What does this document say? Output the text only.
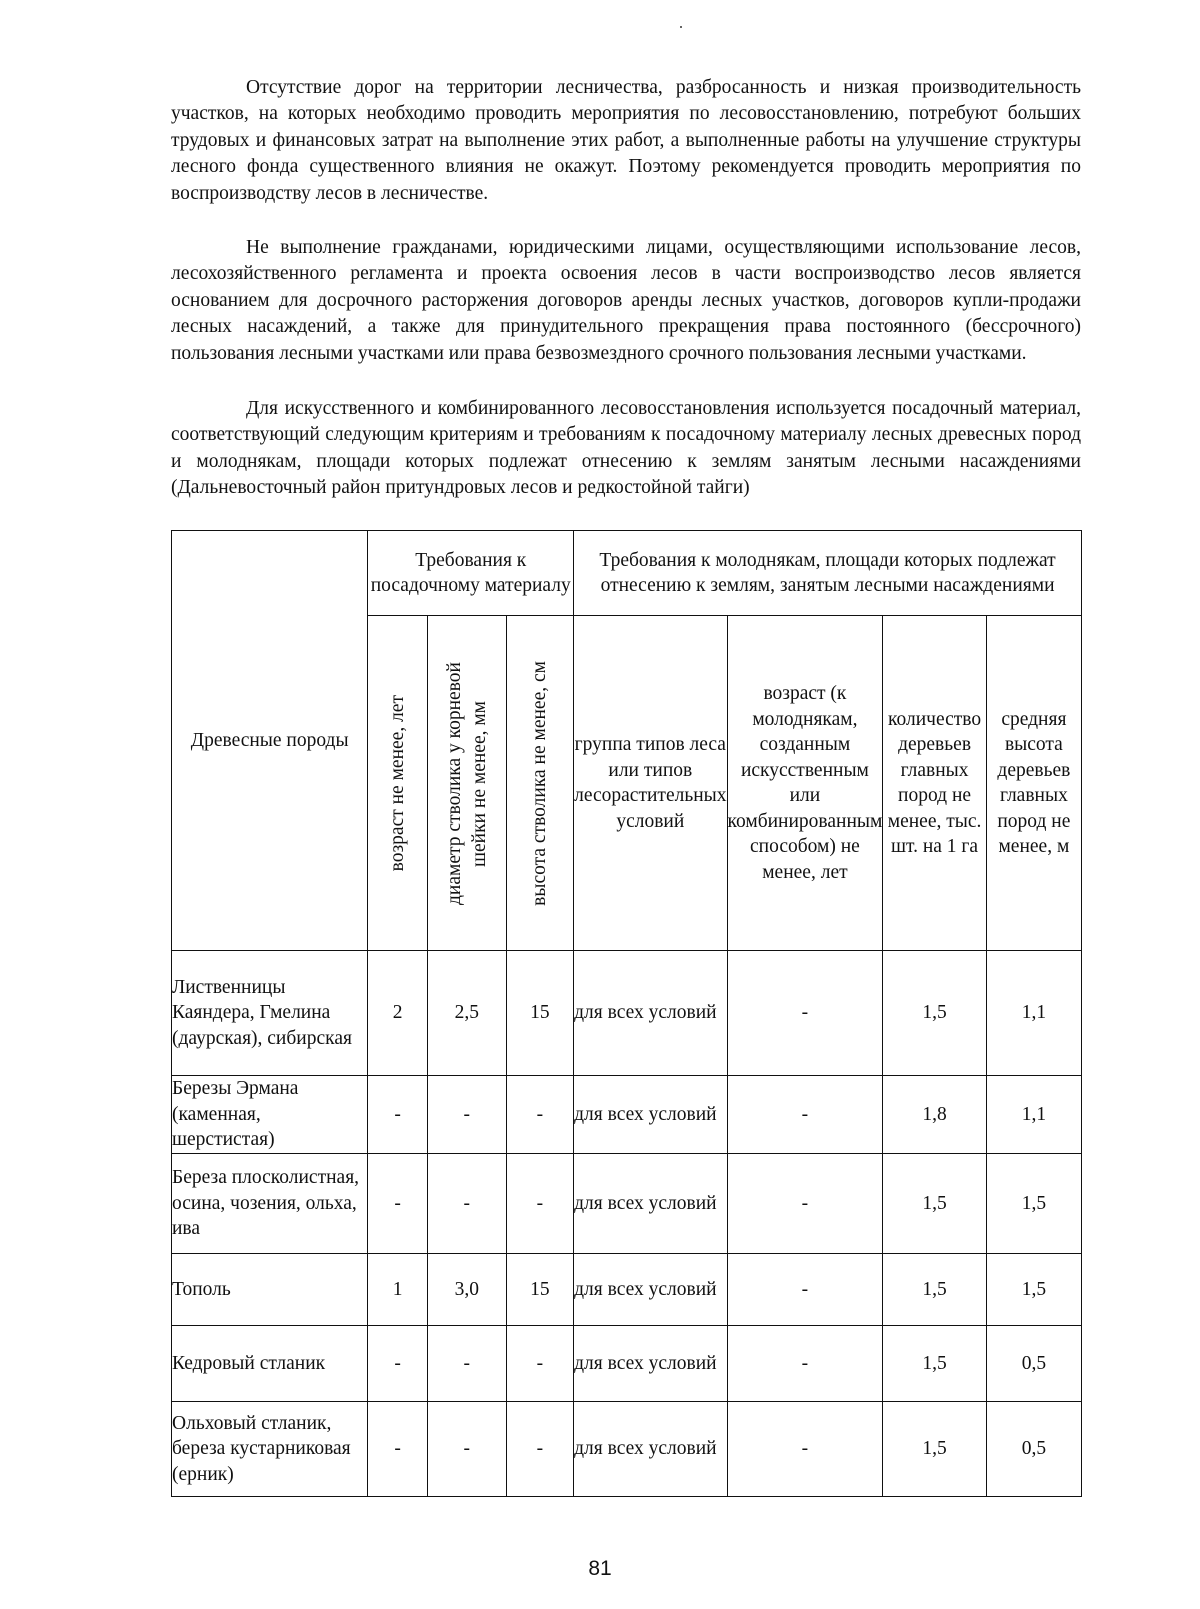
Отсутствие дорог на территории лесничества, разбросанность и низкая производительность участков, на которых необходимо проводить мероприятия по лесовосстановлению, потребуют больших трудовых и финансовых затрат на выполнение этих работ, а выполненные работы на улучшение структуры лесного фонда существенного влияния не окажут. Поэтому рекомендуется проводить мероприятия по воспроизводству лесов в лесничестве.

Не выполнение гражданами, юридическими лицами, осуществляющими использование лесов, лесохозяйственного регламента и проекта освоения лесов в части воспроизводство лесов является основанием для досрочного расторжения договоров аренды лесных участков, договоров купли-продажи лесных насаждений, а также для принудительного прекращения права постоянного (бессрочного) пользования лесными участками или права безвозмездного срочного пользования лесными участками.

Для искусственного и комбинированного лесовосстановления используется посадочный материал, соответствующий следующим критериям и требованиям к посадочному материалу лесных древесных пород и молоднякам, площади которых подлежат отнесению к землям занятым лесными насаждениями (Дальневосточный район притундровых лесов и редкостойной тайги)

Древесные породы	Требования к посадочному материалу			Требования к молоднякам, площади которых подлежат отнесению к землям, занятым лесными насаждениями			

	возраст не менее, лет	диаметр стволика у корневой шейки не менее, мм	высота стволика не менее, см	группа типов леса или типов лесорастительных условий	возраст (к молоднякам, созданным искусственным или комбинированным способом) не менее, лет	количество деревьев главных пород не менее, тыс. шт. на 1 га	средняя высота деревьев главных пород не менее, м
Лиственницы Каяндера, Гмелина (даурская), сибирская	2	2,5	15	для всех условий	-	1,5	1,1
Березы Эрмана (каменная, шерстистая)	-	-	-	для всех условий	-	1,8	1,1
Береза плосколистная, осина, чозения, ольха, ива	-	-	-	для всех условий	-	1,5	1,5
Тополь	1	3,0	15	для всех условий	-	1,5	1,5
Кедровый стланик	-	-	-	для всех условий	-	1,5	0,5
Ольховый стланик, береза кустарниковая (ерник)	-	-	-	для всех условий	-	1,5	0,5
81
